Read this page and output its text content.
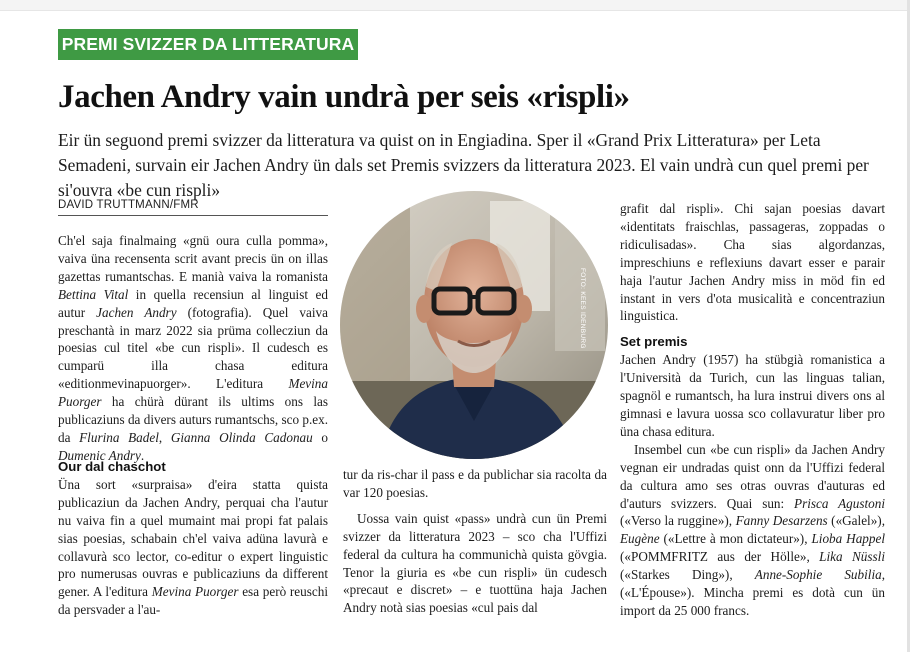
PREMI SVIZZER DA LITTERATURA
Jachen Andry vain undrà per seis «rispli»

Eir ün seguond premi svizzer da litteratura va quist on in Engiadina. Sper il «Grand Prix Litteratura» per Leta Semadeni, survain eir Jachen Andry ün dals set Premis svizzers da litteratura 2023. El vain undrà cun quel premi per si'ouvra «be cun rispli»

DAVID TRUTTMANN/FMR

Ch'el saja finalmaing «gnü oura culla pomma», vaiva üna recensenta scrit avant precis ün on illas gazettas rumantschas. E manià vaiva la romanista Bettina Vital in quella recensiun al linguist ed autur Jachen Andry (fotografia). Quel vaiva preschantà in marz 2022 sia prüma collecziun da poesias cul titel «be cun rispli». Il cudesch es cumparü illa chasa editura «editionmevinapuorger». L'editura Mevina Puorger ha chürà dürant ils ultims ons las publicaziuns da divers auturs rumantschs, sco p.ex. da Flurina Badel, Gianna Olinda Cadonau o Dumenic Andry.

Our dal chaschot

Üna sort «surpraisa» d'eira statta quista publicaziun da Jachen Andry, perquai cha l'autur nu vaiva fin a quel mumaint mai propi fat palais sias poesias, schabain ch'el vaiva adüna lavurà e collavurà sco lector, co-editur o expert linguistic pro numerusas ouvras e publicaziuns da different gener. A l'editura Mevina Puorger esa però reuschi da persvader a l'au-

FOTO: KEES IDENBURG

tur da ris-char il pass e da publichar sia racolta da var 120 poesias.

Uossa vain quist «pass» undrà cun ün Premi svizzer da litteratura 2023 – sco cha l'Uffizi federal da cultura ha communichà quista gövgia. Tenor la giuria es «be cun rispli» ün cudesch «precaut e discret» – e tuottüna haja Jachen Andry notà sias poesias «cul pais dal

grafit dal rispli». Chi sajan poesias davart «identitats fraischlas, passageras, zoppadas o ridiculisadas». Cha sias algordanzas, impreschiuns e reflexiuns davart esser e parair haja l'autur Jachen Andry miss in möd fin ed instant in vers d'ota musicalità e concentraziun linguistica.

Set premis

Jachen Andry (1957) ha stübgià romanistica a l'Università da Turich, cun las linguas talian, spagnöl e rumantsch, ha lura instrui divers ons al gimnasi e lavura uossa sco collavuratur liber pro üna chasa editura.

Insembel cun «be cun rispli» da Jachen Andry vegnan eir undradas quist onn da l'Uffizi federal da cultura amo ses otras ouvras d'auturas ed d'auturs svizzers. Quai sun: Prisca Agustoni («Verso la ruggine»), Fanny Desarzens («Galel»), Eugène («Lettre à mon dictateur»), Lioba Happel («POMMFRITZ aus der Hölle», Lika Nüssli («Starkes Ding»), Anne-Sophie Subilia, («L'Épouse»). Mincha premi es dotà cun ün import da 25 000 francs.
